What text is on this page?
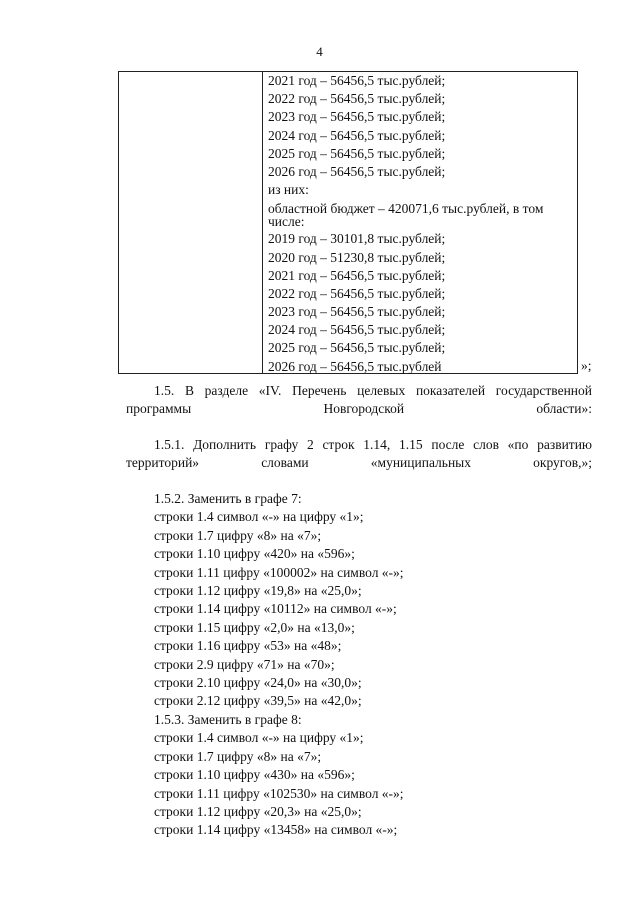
4
2021 год – 56456,5 тыс.рублей;
2022 год – 56456,5 тыс.рублей;
2023 год – 56456,5 тыс.рублей;
2024 год – 56456,5 тыс.рублей;
2025 год – 56456,5 тыс.рублей;
2026 год – 56456,5 тыс.рублей;
из них:
областной бюджет – 420071,6 тыс.рублей, в том числе:
2019 год – 30101,8 тыс.рублей;
2020 год – 51230,8 тыс.рублей;
2021 год – 56456,5 тыс.рублей;
2022 год – 56456,5 тыс.рублей;
2023 год – 56456,5 тыс.рублей;
2024 год – 56456,5 тыс.рублей;
2025 год – 56456,5 тыс.рублей;
2026 год – 56456,5 тыс.рублей	»;
1.5. В разделе «IV. Перечень целевых показателей государственной программы Новгородской области»:
1.5.1. Дополнить графу 2 строк 1.14, 1.15 после слов «по развитию территорий» словами «муниципальных округов,»;
1.5.2. Заменить в графе 7:
строки 1.4 символ «-» на цифру «1»;
строки 1.7 цифру «8» на «7»;
строки 1.10 цифру «420» на «596»;
строки 1.11 цифру «100002» на символ «-»;
строки 1.12 цифру «19,8» на «25,0»;
строки 1.14 цифру «10112» на символ «-»;
строки 1.15 цифру «2,0» на «13,0»;
строки 1.16 цифру «53» на «48»;
строки 2.9 цифру «71» на «70»;
строки 2.10 цифру «24,0» на «30,0»;
строки 2.12 цифру «39,5» на «42,0»;
1.5.3. Заменить в графе 8:
строки 1.4 символ «-» на цифру «1»;
строки 1.7 цифру «8» на «7»;
строки 1.10 цифру «430» на «596»;
строки 1.11 цифру «102530» на символ «-»;
строки 1.12 цифру «20,3» на «25,0»;
строки 1.14 цифру «13458» на символ «-»;
